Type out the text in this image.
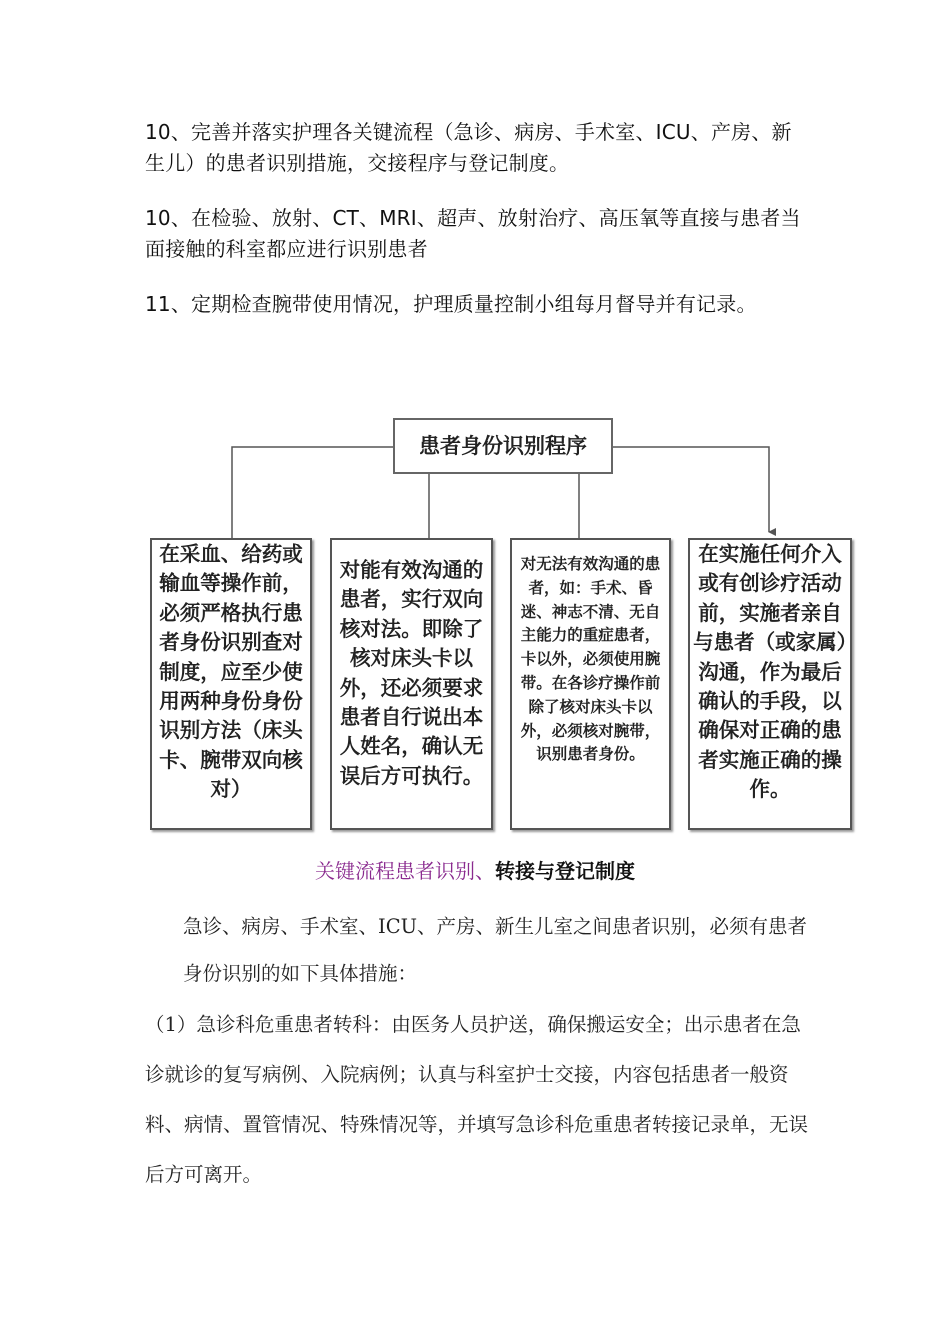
10、完善并落实护理各关键流程（急诊、病房、手术室、ICU、产房、新生儿）的患者识别措施，交接程序与登记制度。

10、在检验、放射、CT、MRI、超声、放射治疗、高压氧等直接与患者当面接触的科室都应进行识别患者

11、定期检查腕带使用情况，护理质量控制小组每月督导并有记录。

患者身份识别程序
在采血、给药或输血等操作前，必须严格执行患者身份识别查对制度，应至少使用两种身份身份识别方法（床头卡、腕带双向核对）
对能有效沟通的患者，实行双向核对法。即除了核对床头卡以外，还必须要求患者自行说出本人姓名，确认无误后方可执行。
对无法有效沟通的患者，如：手术、昏迷、神志不清、无自主能力的重症患者，卡以外，必须使用腕带。在各诊疗操作前除了核对床头卡以外，必须核对腕带，识别患者身份。
在实施任何介入或有创诊疗活动前，实施者亲自与患者（或家属）沟通，作为最后确认的手段，以确保对正确的患者实施正确的操作。
关键流程患者识别、转接与登记制度

急诊、病房、手术室、ICU、产房、新生儿室之间患者识别，必须有患者身份识别的如下具体措施：

（1）急诊科危重患者转科：由医务人员护送，确保搬运安全；出示患者在急诊就诊的复写病例、入院病例；认真与科室护士交接，内容包括患者一般资料、病情、置管情况、特殊情况等，并填写急诊科危重患者转接记录单，无误后方可离开。
